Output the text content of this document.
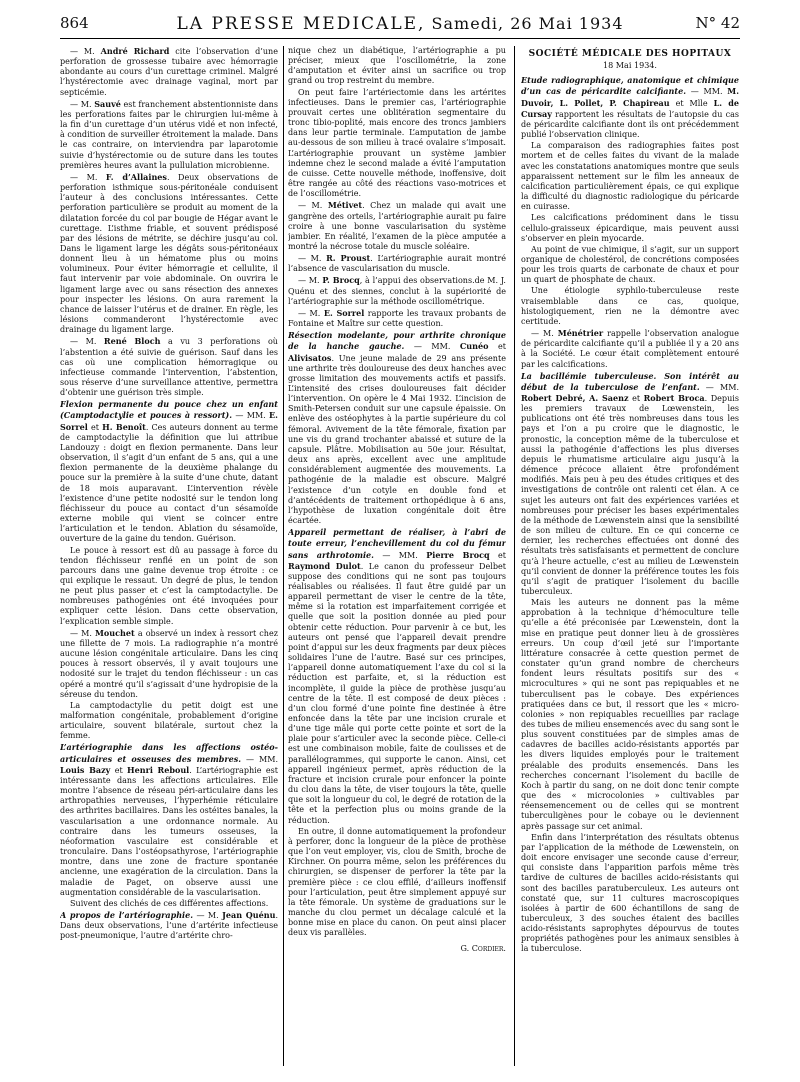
864	LA PRESSE MEDICALE, Samedi, 26 Mai 1934	N° 42

— M. André Richard cite l’observation d’une perforation de grossesse tubaire avec hémorragie abondante au cours d’un curettage criminel. Malgré l’hystérectomie avec drainage vaginal, mort par septicémie.

— M. Sauvé est franchement abstentionniste dans les perforations faites par le chirurgien lui-même à la fin d’un curettage d’un utérus vidé et non infecté, à condition de surveiller étroitement la malade. Dans le cas contraire, on interviendra par laparotomie suivie d’hystérectomie ou de suture dans les toutes premières heures avant la pullulation microbienne.

— M. F. d’Allaines. Deux observations de perforation isthmique sous-péritonéale conduisent l’auteur à des conclusions intéressantes. Cette perforation particulière se produit au moment de la dilatation forcée du col par bougie de Hégar avant le curettage. L’isthme friable, et souvent prédisposé par des lésions de métrite, se déchire jusqu’au col. Dans le ligament large les dégâts sous-péritonéaux donnent lieu à un hématome plus ou moins volumineux. Pour éviter hémorragie et cellulite, il faut intervenir par voie abdominale. On ouvrira le ligament large avec ou sans résection des annexes pour inspecter les lésions. On aura rarement la chance de laisser l’utérus et de drainer. En règle, les lésions commanderont l’hystérectomie avec drainage du ligament large.

— M. René Bloch a vu 3 perforations où l’abstention a été suivie de guérison. Sauf dans les cas où une complication hémorragique ou infectieuse commande l’intervention, l’abstention, sous réserve d’une surveillance attentive, permettra d’obtenir une guérison très simple.

Flexion permanente du pouce chez un enfant (Camptodactylie et pouces à ressort). — MM. E. Sorrel et H. Benoît. Ces auteurs donnent au terme de camptodactylie la définition que lui attribue Landouzy : doigt en flexion permanente. Dans leur observation, il s’agit d’un enfant de 5 ans, qui a une flexion permanente de la deuxième phalange du pouce sur la première à la suite d’une chute, datant de 18 mois auparavant. L’intervention révèle l’existence d’une petite nodosité sur le tendon long fléchisseur du pouce au contact d’un sésamoïde externe mobile qui vient se coincer entre l’articulation et le tendon. Ablation du sésamoïde, ouverture de la gaine du tendon. Guérison.

Le pouce à ressort est dû au passage à force du tendon fléchisseur renflé en un point de son parcours dans une gaine devenue trop étroite : ce qui explique le ressaut. Un degré de plus, le tendon ne peut plus passer et c’est la camptodactylie. De nombreuses pathogénies ont été invoquées pour expliquer cette lésion. Dans cette observation, l’explication semble simple.

— M. Mouchet a observé un index à ressort chez une fillette de 7 mois. La radiographie n’a montré aucune lésion congénitale articulaire. Dans les cinq pouces à ressort observés, il y avait toujours une nodosité sur le trajet du tendon fléchisseur : un cas opéré a montré qu’il s’agissait d’une hydropisie de la séreuse du tendon.

La camptodactylie du petit doigt est une malformation congénitale, probablement d’origine articulaire, souvent bilatérale, surtout chez la femme.

L’artériographie dans les affections ostéo-articulaires et osseuses des membres. — MM. Louis Bazy et Henri Reboul. L’artériographie est intéressante dans les affections articulaires. Elle montre l’absence de réseau péri-articulaire dans les arthropathies nerveuses, l’hyperhémie réticulaire des arthrites bacillaires. Dans les ostéites banales, la vascularisation a une ordonnance normale. Au contraire dans les tumeurs osseuses, la néoformation vasculaire est considérable et tronculaire. Dans l’ostéopsathyrose, l’artériographie montre, dans une zone de fracture spontanée ancienne, une exagération de la circulation. Dans la maladie de Paget, on observe aussi une augmentation considérable de la vascularisation.

Suivent des clichés de ces différentes affections.

A propos de l’artériographie. — M. Jean Quénu. Dans deux observations, l’une d’artérite infectieuse post-pneumonique, l’autre d’artérite chro-

nique chez un diabétique, l’artériographie a pu préciser, mieux que l’oscillométrie, la zone d’amputation et éviter ainsi un sacrifice ou trop grand ou trop restreint du membre.

On peut faire l’artériectomie dans les artérites infectieuses. Dans le premier cas, l’artériographie prouvait certes une oblitération segmentaire du tronc tibio-poplité, mais encore des troncs jambiers dans leur partie terminale. L’amputation de jambe au-dessous de son milieu à tracé ovalaire s’imposait. L’artériographie prouvant un système jambier indemne chez le second malade a évité l’amputation de cuisse. Cette nouvelle méthode, inoffensive, doit être rangée au côté des réactions vaso-motrices et de l’oscillométrie.

— M. Métivet. Chez un malade qui avait une gangrène des orteils, l’artériographie aurait pu faire croire à une bonne vascularisation du système jambier. En réalité, l’examen de la pièce amputée a montré la nécrose totale du muscle soléaire.

— M. R. Proust. L’artériographie aurait montré l’absence de vascularisation du muscle.

— M. P. Brocq, à l’appui des observations.de M. J. Quénu et des siennes, conclut à la supériorité de l’artériographie sur la méthode oscillométrique.

— M. E. Sorrel rapporte les travaux probants de Fontaine et Maître sur cette question.

Résection modelante, pour arthrite chronique de la hanche gauche. — MM. Cunéo et Alivisatos. Une jeune malade de 29 ans présente une arthrite très douloureuse des deux hanches avec grosse limitation des mouvements actifs et passifs. L’intensité des crises douloureuses fait décider l’intervention. On opère le 4 Mai 1932. L’incision de Smith-Petersen conduit sur une capsule épaissie. On enlève des ostéophytes à la partie supérieure du col fémoral. Avivement de la tête fémorale, fixation par une vis du grand trochanter abaissé et suture de la capsule. Plâtre. Mobilisation au 50e jour. Résultat, deux ans après, excellent avec une amplitude considérablement augmentée des mouvements. La pathogénie de la maladie est obscure. Malgré l’existence d’un cotyle en double fond et d’antécédents de traitement orthopédique à 6 ans, l’hypothèse de luxation congénitale doit être écartée.

Appareil permettant de réaliser, à l’abri de toute erreur, l’enchevillement du col du fémur sans arthrotomie. — MM. Pierre Brocq et Raymond Dulot. Le canon du professeur Delbet suppose des conditions qui ne sont pas toujours réalisables ou réalisées. Il faut être guidé par un appareil permettant de viser le centre de la tête, même si la rotation est imparfaitement corrigée et quelle que soit la position donnée au pied pour obtenir cette réduction. Pour parvenir à ce but, les auteurs ont pensé que l’appareil devait prendre point d’appui sur les deux fragments par deux pièces solidaires l’une de l’autre. Basé sur ces principes, l’appareil donne automatiquement l’axe du col si la réduction est parfaite, et, si la réduction est incomplète, il guide la pièce de prothèse jusqu’au centre de la tête. Il est composé de deux pièces : d’un clou formé d’une pointe fine destinée à être enfoncée dans la tête par une incision crurale et d’une tige mâle qui porte cette pointe et sort de la plaie pour s’articuler avec la seconde pièce. Celle-ci est une combinaison mobile, faite de coulisses et de parallélogrammes, qui supporte le canon. Ainsi, cet appareil ingénieux permet, après réduction de la fracture et incision crurale pour enfoncer la pointe du clou dans la tête, de viser toujours la tête, quelle que soit la longueur du col, le degré de rotation de la tête et la perfection plus ou moins grande de la réduction.

En outre, il donne automatiquement la profondeur à perforer, donc la longueur de la pièce de prothèse que l’on veut employer, vis, clou de Smith, broche de Kirchner. On pourra même, selon les préférences du chirurgien, se dispenser de perforer la tête par la première pièce : ce clou effilé, d’ailleurs inoffensif pour l’articulation, peut être simplement appuyé sur la tête fémorale. Un système de graduations sur le manche du clou permet un décalage calculé et la bonne mise en place du canon. On peut ainsi placer deux vis parallèles.

G. Cordier.
SOCIÉTÉ MÉDICALE DES HOPITAUX
18 Mai 1934.

Etude radiographique, anatomique et chimique d’un cas de péricardite calcifiante. — MM. M. Duvoir, L. Pollet, P. Chapireau et Mlle L. de Cursay rapportent les résultats de l’autopsie du cas de péricardite calcifiante dont ils ont précédemment publié l’observation clinique.

La comparaison des radiographies faites post mortem et de celles faites du vivant de la malade avec les constatations anatomiques montre que seuls apparaissent nettement sur le film les anneaux de calcification particulièrement épais, ce qui explique la difficulté du diagnostic radiologique du péricarde en cuirasse.

Les calcifications prédominent dans le tissu cellulo-graisseux épicardique, mais peuvent aussi s’observer en plein myocarde.

Au point de vue chimique, il s’agit, sur un support organique de cholestérol, de concrétions composées pour les trois quarts de carbonate de chaux et pour un quart de phosphate de chaux.

Une étiologie syphilo-tuberculeuse reste vraisemblable dans ce cas, quoique, histologiquement, rien ne la démontre avec certitude.

— M. Ménétrier rappelle l’observation analogue de péricardite calcifiante qu’il a publiée il y a 20 ans à la Société. Le cœur était complètement entouré par les calcifications.

La bacillémie tuberculeuse. Son intérêt au début de la tuberculose de l’enfant. — MM. Robert Debré, A. Saenz et Robert Broca. Depuis les premiers travaux de Lœwenstein, les publications ont été très nombreuses dans tous les pays et l’on a pu croire que le diagnostic, le pronostic, la conception même de la tuberculose et aussi la pathogénie d’affections les plus diverses depuis le rhumatisme articulaire aigu jusqu’à la démence précoce allaient être profondément modifiés. Mais peu à peu des études critiques et des investigations de contrôle ont ralenti cet élan. A ce sujet les auteurs ont fait des expériences variées et nombreuses pour préciser les bases expérimentales de la méthode de Lœwenstein ainsi que la sensibilité de son milieu de culture. En ce qui concerne ce dernier, les recherches effectuées ont donné des résultats très satisfaisants et permettent de conclure qu’à l’heure actuelle, c’est au milieu de Lœwenstein qu’il convient de donner la préférence toutes les fois qu’il s’agit de pratiquer l’isolement du bacille tuberculeux.

Mais les auteurs ne donnent pas la même approbation à la technique d’hémoculture telle qu’elle a été préconisée par Lœwenstein, dont la mise en pratique peut donner lieu à de grossières erreurs. Un coup d’œil jeté sur l’importante littérature consacrée à cette question permet de constater qu’un grand nombre de chercheurs fondent leurs résultats positifs sur des « microcultures » qui ne sont pas repiquables et ne tuberculisent pas le cobaye. Des expériences pratiquées dans ce but, il ressort que les « micro-colonies » non repiquables recueillies par raclage des tubes de milieu ensemencés avec du sang sont le plus souvent constituées par de simples amas de cadavres de bacilles acido-résistants apportés par les divers liquides employés pour le traitement préalable des produits ensemencés. Dans les recherches concernant l’isolement du bacille de Koch à partir du sang, on ne doit donc tenir compte que des « microcolonies » cultivables par réensemencement ou de celles qui se montrent tuberculigènes pour le cobaye ou le deviennent après passage sur cet animal.

Enfin dans l’interprétation des résultats obtenus par l’application de la méthode de Lœwenstein, on doit encore envisager une seconde cause d’erreur, qui consiste dans l’apparition parfois même très tardive de cultures de bacilles acido-résistants qui sont des bacilles paratuberculeux. Les auteurs ont constaté que, sur 11 cultures macroscopiques isolées à partir de 600 échantillons de sang de tuberculeux, 3 des souches étaient des bacilles acido-résistants saprophytes dépourvus de toutes propriétés pathogènes pour les animaux sensibles à la tuberculose.
